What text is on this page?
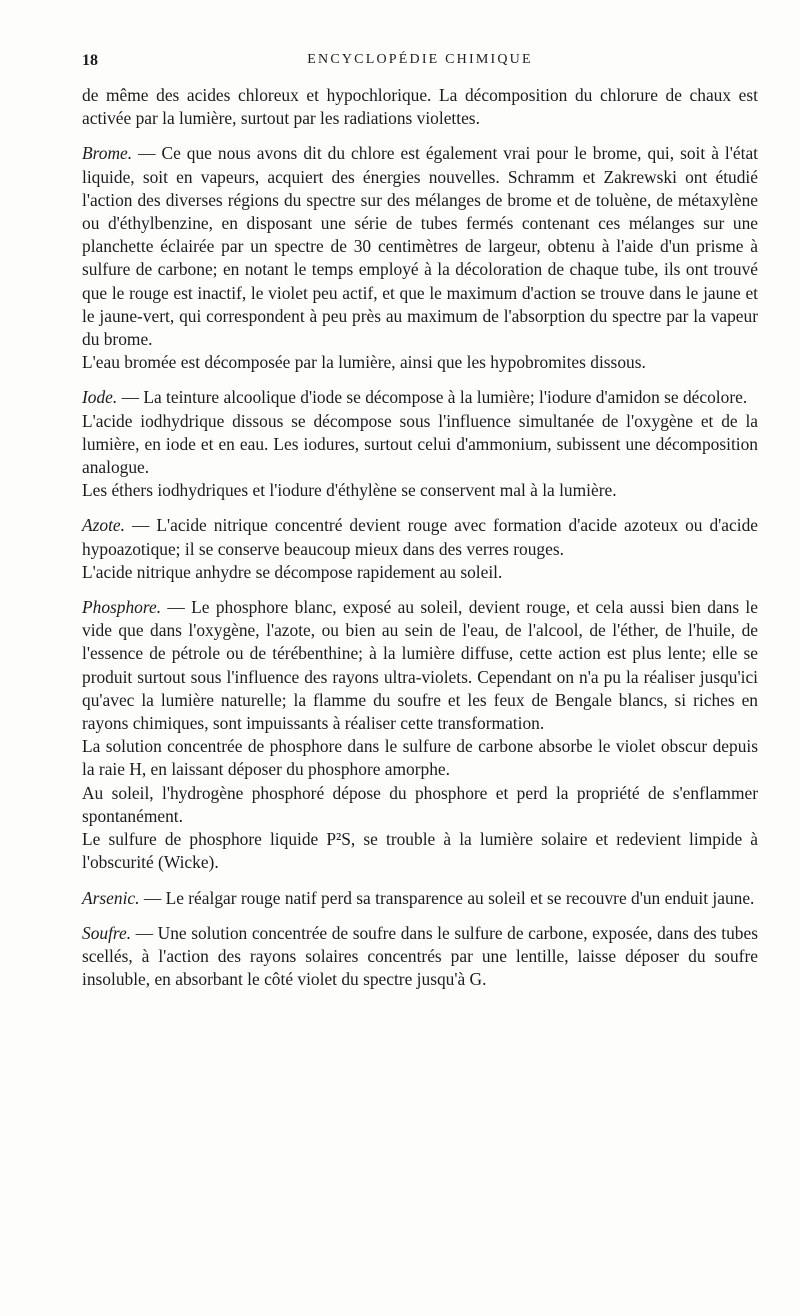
18	ENCYCLOPÉDIE CHIMIQUE

de même des acides chloreux et hypochlorique. La décomposition du chlorure de chaux est activée par la lumière, surtout par les radiations violettes.

Brome. — Ce que nous avons dit du chlore est également vrai pour le brome, qui, soit à l'état liquide, soit en vapeurs, acquiert des énergies nouvelles. Schramm et Zakrewski ont étudié l'action des diverses régions du spectre sur des mélanges de brome et de toluène, de métaxylène ou d'éthylbenzine, en disposant une série de tubes fermés contenant ces mélanges sur une planchette éclairée par un spectre de 30 centimètres de largeur, obtenu à l'aide d'un prisme à sulfure de carbone; en notant le temps employé à la décoloration de chaque tube, ils ont trouvé que le rouge est inactif, le violet peu actif, et que le maximum d'action se trouve dans le jaune et le jaune-vert, qui correspondent à peu près au maximum de l'absorption du spectre par la vapeur du brome.

L'eau bromée est décomposée par la lumière, ainsi que les hypobromites dissous.

Iode. — La teinture alcoolique d'iode se décompose à la lumière; l'iodure d'amidon se décolore.

L'acide iodhydrique dissous se décompose sous l'influence simultanée de l'oxygène et de la lumière, en iode et en eau. Les iodures, surtout celui d'ammonium, subissent une décomposition analogue.

Les éthers iodhydriques et l'iodure d'éthylène se conservent mal à la lumière.

Azote. — L'acide nitrique concentré devient rouge avec formation d'acide azoteux ou d'acide hypoazotique; il se conserve beaucoup mieux dans des verres rouges.

L'acide nitrique anhydre se décompose rapidement au soleil.

Phosphore. — Le phosphore blanc, exposé au soleil, devient rouge, et cela aussi bien dans le vide que dans l'oxygène, l'azote, ou bien au sein de l'eau, de l'alcool, de l'éther, de l'huile, de l'essence de pétrole ou de térébenthine; à la lumière diffuse, cette action est plus lente; elle se produit surtout sous l'influence des rayons ultra-violets. Cependant on n'a pu la réaliser jusqu'ici qu'avec la lumière naturelle; la flamme du soufre et les feux de Bengale blancs, si riches en rayons chimiques, sont impuissants à réaliser cette transformation.

La solution concentrée de phosphore dans le sulfure de carbone absorbe le violet obscur depuis la raie H, en laissant déposer du phosphore amorphe.

Au soleil, l'hydrogène phosphoré dépose du phosphore et perd la propriété de s'enflammer spontanément.

Le sulfure de phosphore liquide P²S, se trouble à la lumière solaire et redevient limpide à l'obscurité (Wicke).

Arsenic. — Le réalgar rouge natif perd sa transparence au soleil et se recouvre d'un enduit jaune.

Soufre. — Une solution concentrée de soufre dans le sulfure de carbone, exposée, dans des tubes scellés, à l'action des rayons solaires concentrés par une lentille, laisse déposer du soufre insoluble, en absorbant le côté violet du spectre jusqu'à G.
